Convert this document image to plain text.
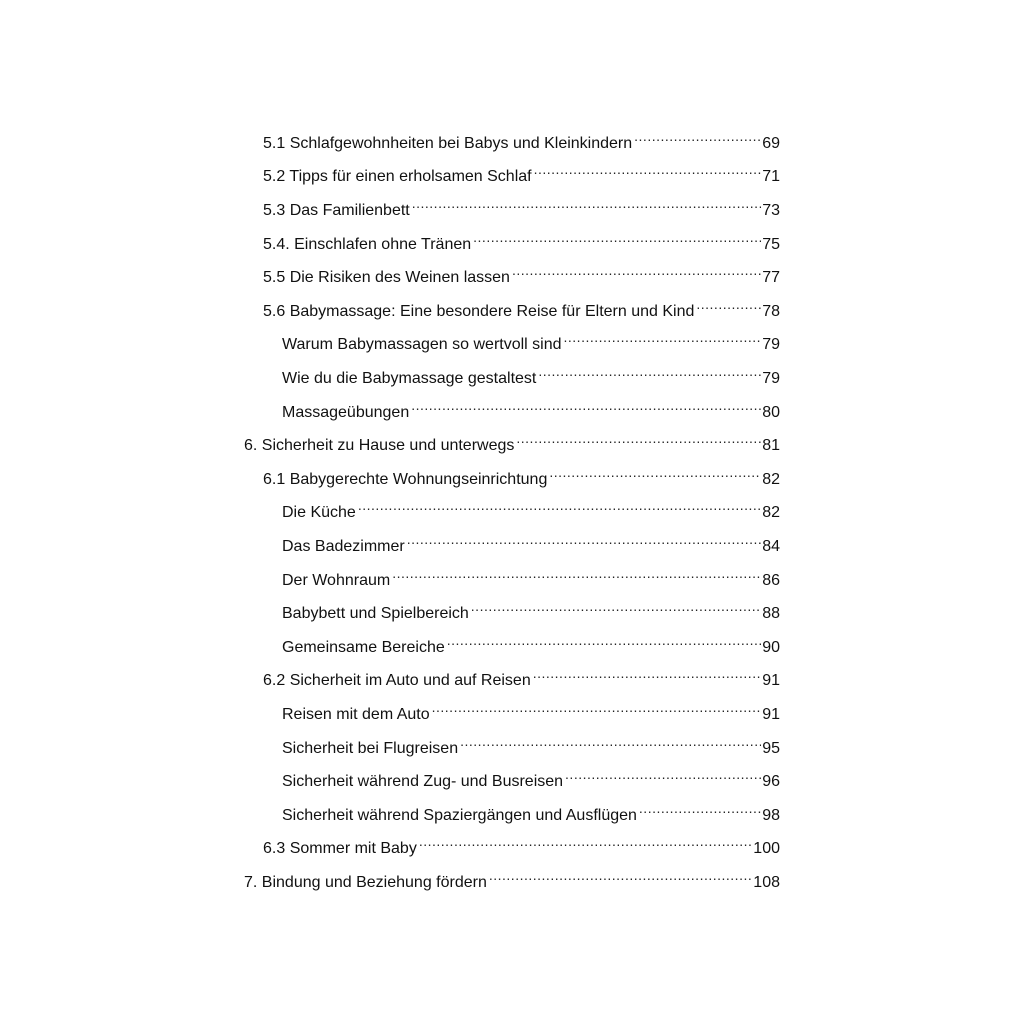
5.1 Schlafgewohnheiten bei Babys und Kleinkindern .....	69
5.2 Tipps für einen erholsamen Schlaf .....	71
5.3 Das Familienbett .....	73
5.4. Einschlafen ohne Tränen .....	75
5.5 Die Risiken des Weinen lassen .....	77
5.6 Babymassage: Eine besondere Reise für Eltern und Kind .....	78
Warum Babymassagen so wertvoll sind .....	79
Wie du die Babymassage gestaltest .....	79
Massageübungen .....	80
6. Sicherheit zu Hause und unterwegs .....	81
6.1 Babygerechte Wohnungseinrichtung .....	82
Die Küche .....	82
Das Badezimmer .....	84
Der Wohnraum .....	86
Babybett und Spielbereich .....	88
Gemeinsame Bereiche .....	90
6.2 Sicherheit im Auto und auf Reisen .....	91
Reisen mit dem Auto .....	91
Sicherheit bei Flugreisen .....	95
Sicherheit während Zug- und Busreisen .....	96
Sicherheit während Spaziergängen und Ausflügen .....	98
6.3 Sommer mit Baby .....	100
7. Bindung und Beziehung fördern .....	108
